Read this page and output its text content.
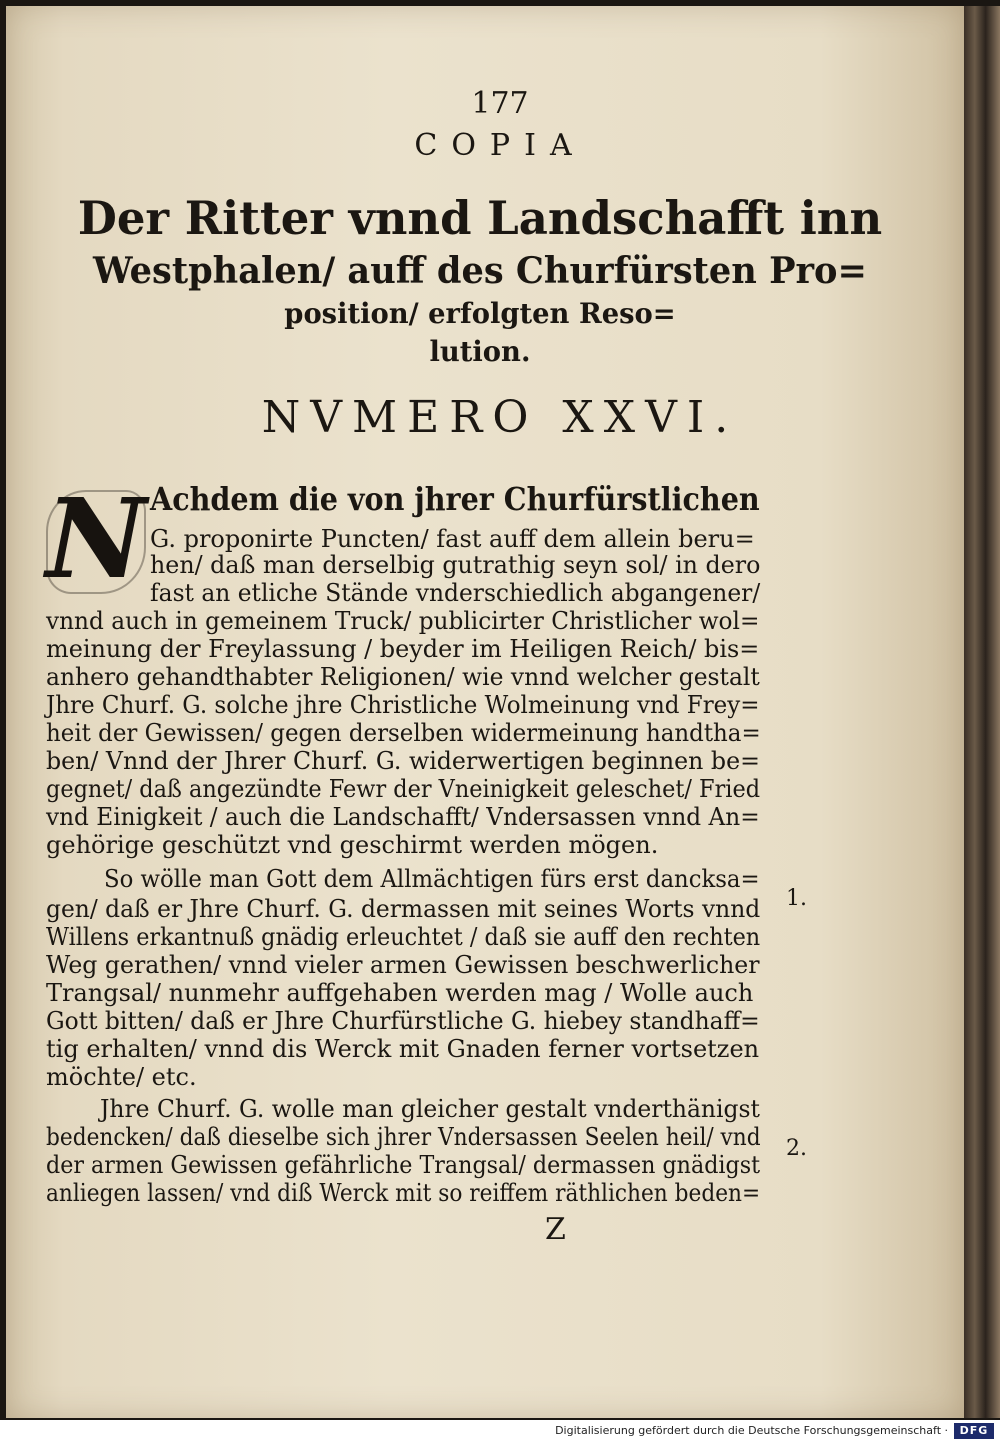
177
COPIA
Der Ritter vnnd Landschafft inn
Westphalen/ auff des Churfürsten Pro=
position/ erfolgten Reso=
lution.
NVMERO XXVI.
N Achdem die von jhrer Churfürstlichen
G. proponirte Puncten/ fast auff dem allein beru=
hen/ daß man derselbig gutrathig seyn sol/ in dero
fast an etliche Stände vnderschiedlich abgangener/
vnnd auch in gemeinem Truck/ publicirter Christlicher wol=
meinung der Freylassung / beyder im Heiligen Reich/ bis=
anhero gehandthabter Religionen/ wie vnnd welcher gestalt
Jhre Churf. G. solche jhre Christliche Wolmeinung vnd Frey=
heit der Gewissen/ gegen derselben widermeinung handtha=
ben/ Vnnd der Jhrer Churf. G. widerwertigen beginnen be=
gegnet/ daß angezündte Fewr der Vneinigkeit geleschet/ Fried
vnd Einigkeit / auch die Landschafft/ Vndersassen vnnd An=
gehörige geschützt vnd geschirmt werden mögen.
So wölle man Gott dem Allmächtigen fürs erst dancksa=
gen/ daß er Jhre Churf. G. dermassen mit seines Worts vnnd
Willens erkantnuß gnädig erleuchtet / daß sie auff den rechten
Weg gerathen/ vnnd vieler armen Gewissen beschwerlicher
Trangsal/ nunmehr auffgehaben werden mag / Wolle auch
Gott bitten/ daß er Jhre Churfürstliche G. hiebey standhaff=
tig erhalten/ vnnd dis Werck mit Gnaden ferner vortsetzen
möchte/ etc.
Jhre Churf. G. wolle man gleicher gestalt vnderthänigst
bedencken/ daß dieselbe sich jhrer Vndersassen Seelen heil/ vnd
der armen Gewissen gefährliche Trangsal/ dermassen gnädigst
anliegen lassen/ vnd diß Werck mit so reiffem räthlichen beden=
1.
2.
Z
Digitalisierung gefördert durch die Deutsche Forschungsgemeinschaft ·	DFG
